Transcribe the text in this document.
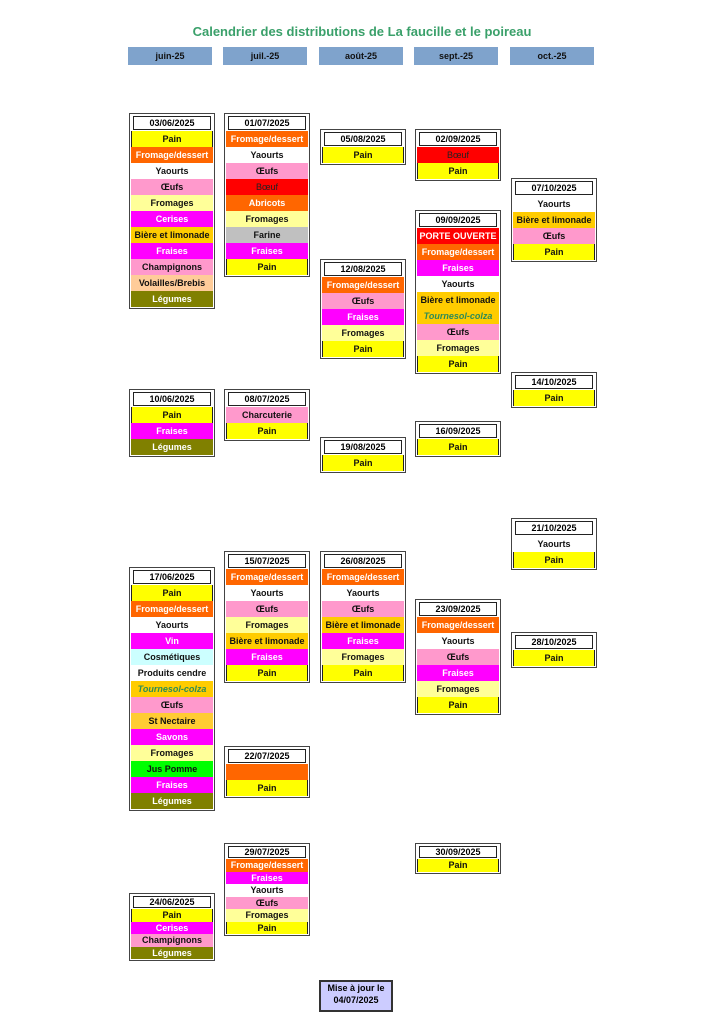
Calendrier des distributions de La faucille et le poireau
juin-25	juil.-25	août-25	sept.-25	oct.-25
03/06/2025
Pain
Fromage/dessert
Yaourts
Œufs
Fromages
Cerises
Bière et limonade
Fraises
Champignons
Volailles/Brebis
Légumes
10/06/2025
Pain
Fraises
Légumes
17/06/2025
Pain
Fromage/dessert
Yaourts
Vin
Cosmétiques
Produits cendre
Tournesol-colza
Œufs
St Nectaire
Savons
Fromages
Jus Pomme
Fraises
Légumes
24/06/2025
Pain
Cerises
Champignons
Légumes
01/07/2025
Fromage/dessert
Yaourts
Œufs
Bœuf
Abricots
Fromages
Farine
Fraises
Pain
08/07/2025
Charcuterie
Pain
15/07/2025
Fromage/dessert
Yaourts
Œufs
Fromages
Bière et limonade
Fraises
Pain
22/07/2025
Pain
29/07/2025
Fromage/dessert
Fraises
Yaourts
Œufs
Fromages
Pain
05/08/2025
Pain
12/08/2025
Fromage/dessert
Œufs
Fraises
Fromages
Pain
19/08/2025
Pain
26/08/2025
Fromage/dessert
Yaourts
Œufs
Bière et limonade
Fraises
Fromages
Pain
02/09/2025
Bœuf
Pain
09/09/2025
PORTE OUVERTE
Fromage/dessert
Fraises
Yaourts
Bière et limonade
Tournesol-colza
Œufs
Fromages
Pain
16/09/2025
Pain
23/09/2025
Fromage/dessert
Yaourts
Œufs
Fraises
Fromages
Pain
30/09/2025
Pain
07/10/2025
Yaourts
Bière et limonade
Œufs
Pain
14/10/2025
Pain
21/10/2025
Yaourts
Pain
28/10/2025
Pain
Mise à jour le
04/07/2025
